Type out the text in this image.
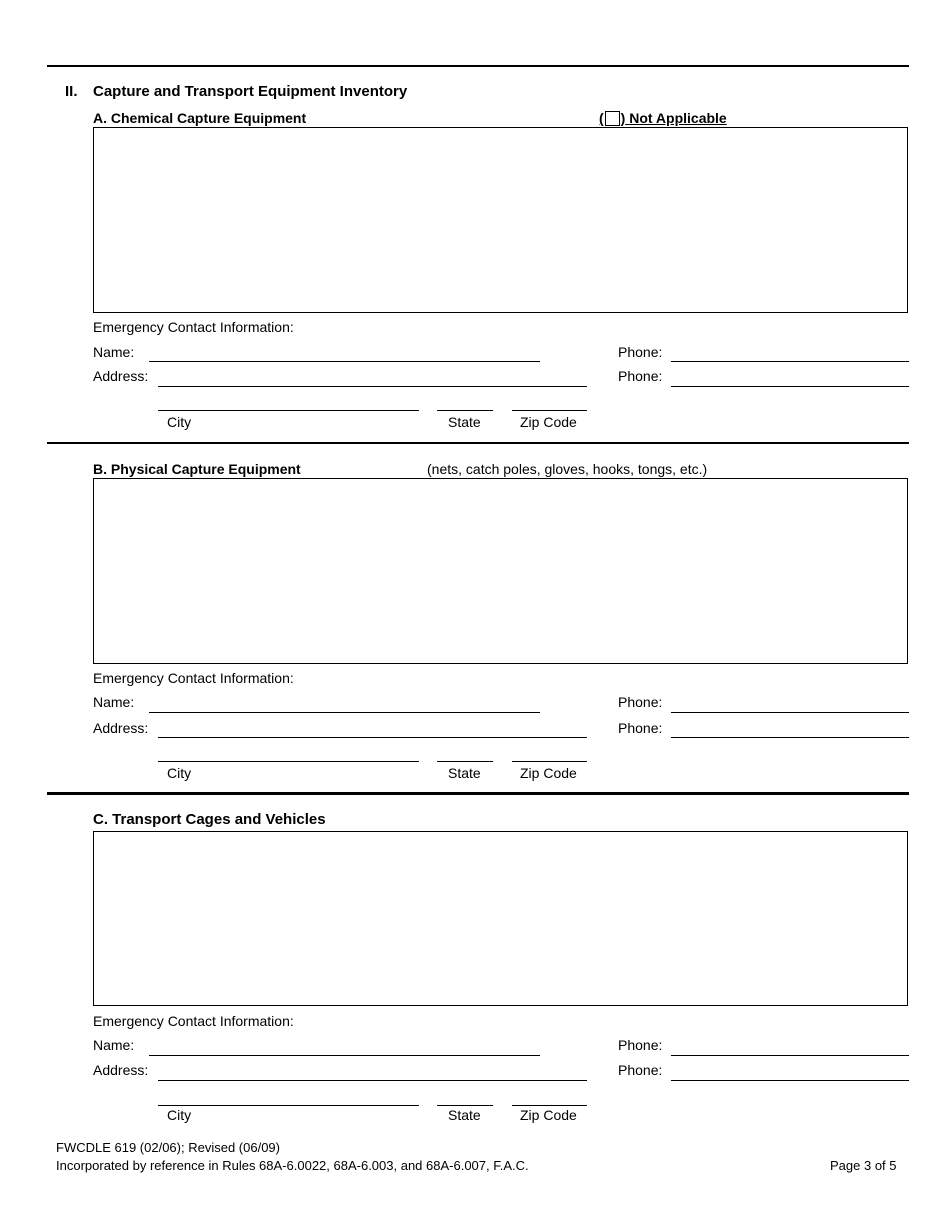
II. Capture and Transport Equipment Inventory
A. Chemical Capture Equipment	( ) Not Applicable
Emergency Contact Information:
Name:	Phone:
Address:	Phone:
City	State	Zip Code
B. Physical Capture Equipment	(nets, catch poles, gloves, hooks, tongs, etc.)
Emergency Contact Information:
Name:	Phone:
Address:	Phone:
City	State	Zip Code
C. Transport Cages and Vehicles
Emergency Contact Information:
Name:	Phone:
Address:	Phone:
City	State	Zip Code
FWCDLE 619 (02/06); Revised (06/09)
Incorporated by reference in Rules 68A-6.0022, 68A-6.003, and 68A-6.007, F.A.C.	Page 3 of 5
